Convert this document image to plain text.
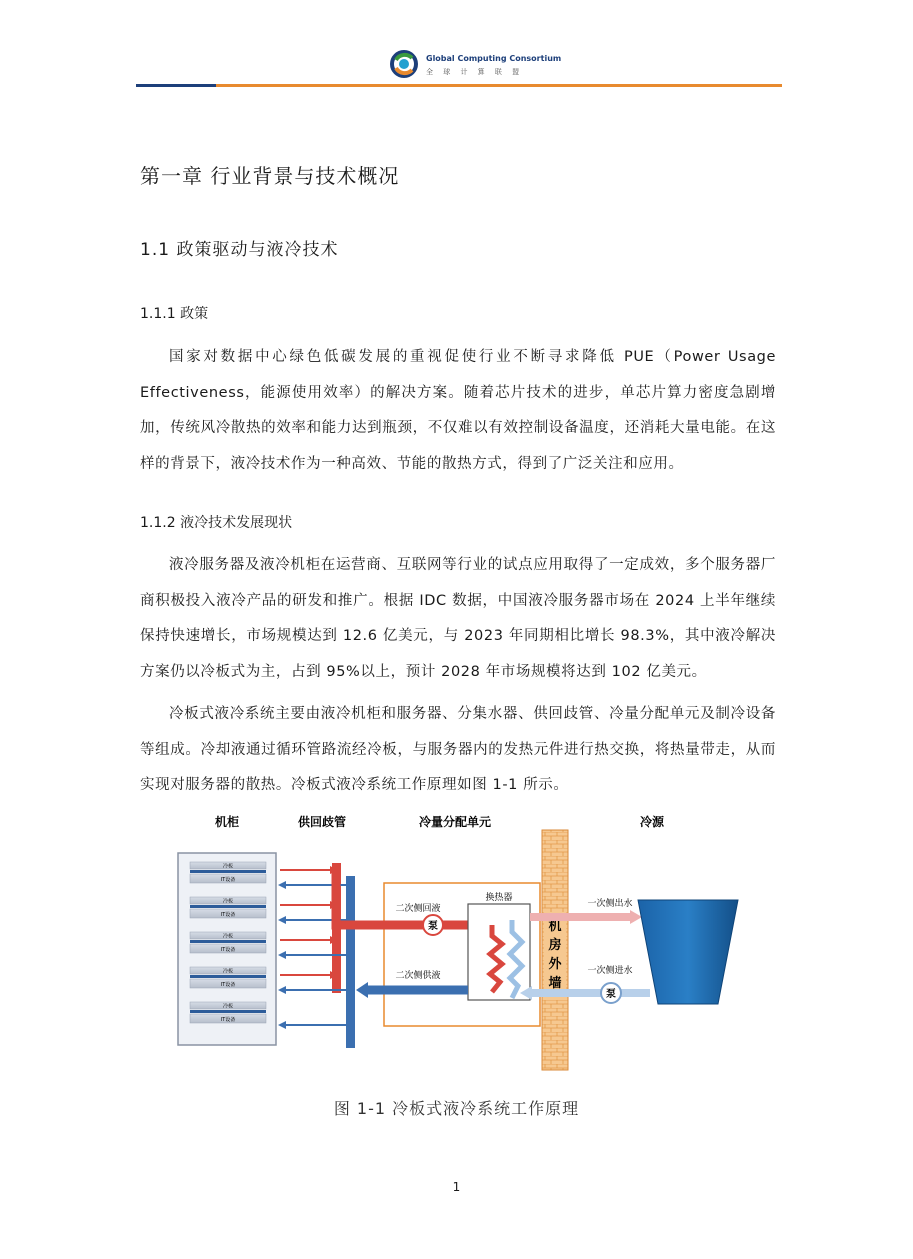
Global Computing Consortium
全 球 计 算 联 盟
第一章 行业背景与技术概况
1.1 政策驱动与液冷技术
1.1.1 政策

国家对数据中心绿色低碳发展的重视促使行业不断寻求降低 PUE（Power Usage Effectiveness，能源使用效率）的解决方案。随着芯片技术的进步，单芯片算力密度急剧增加，传统风冷散热的效率和能力达到瓶颈，不仅难以有效控制设备温度，还消耗大量电能。在这样的背景下，液冷技术作为一种高效、节能的散热方式，得到了广泛关注和应用。

1.1.2 液冷技术发展现状

液冷服务器及液冷机柜在运营商、互联网等行业的试点应用取得了一定成效，多个服务器厂商积极投入液冷产品的研发和推广。根据 IDC 数据，中国液冷服务器市场在 2024 上半年继续保持快速增长，市场规模达到 12.6 亿美元，与 2023 年同期相比增长 98.3%，其中液冷解决方案仍以冷板式为主，占到 95%以上，预计 2028 年市场规模将达到 102 亿美元。

冷板式液冷系统主要由液冷机柜和服务器、分集水器、供回歧管、冷量分配单元及制冷设备等组成。冷却液通过循环管路流经冷板，与服务器内的发热元件进行热交换，将热量带走，从而实现对服务器的散热。冷板式液冷系统工作原理如图 1-1 所示。

机柜	供回歧管	冷量分配单元	冷源
冷板
IT设备
冷板
IT设备
冷板
IT设备
冷板
IT设备
冷板
IT设备
二次侧回液
泵
换热器
二次侧供液
机
房
外
墙
一次侧出水
一次侧进水
泵
图 1-1 冷板式液冷系统工作原理
1
